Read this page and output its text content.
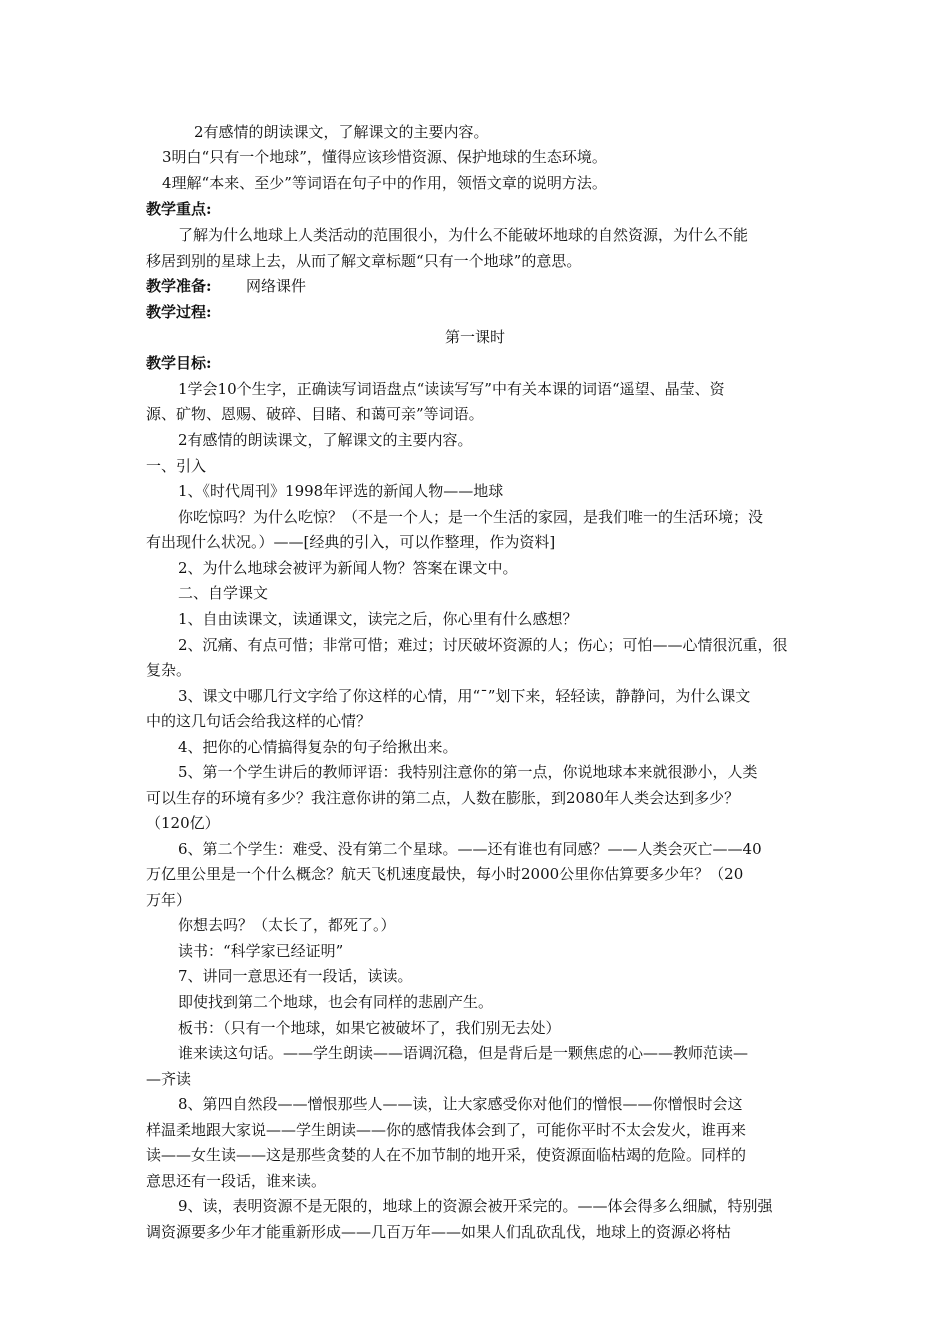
2有感情的朗读课文，了解课文的主要内容。
3明白“只有一个地球”，懂得应该珍惜资源、保护地球的生态环境。
4理解“本来、至少”等词语在句子中的作用，领悟文章的说明方法。
教学重点:
了解为什么地球上人类活动的范围很小，为什么不能破坏地球的自然资源，为什么不能
移居到别的星球上去，从而了解文章标题“只有一个地球”的意思。
教学准备: 网络课件
教学过程:
第一课时
教学目标:
1学会10个生字，正确读写词语盘点“读读写写”中有关本课的词语“遥望、晶莹、资
源、矿物、恩赐、破碎、目睹、和蔼可亲”等词语。
2有感情的朗读课文，了解课文的主要内容。
一、引入
1、《时代周刊》1998年评选的新闻人物——地球
你吃惊吗？为什么吃惊？（不是一个人；是一个生活的家园，是我们唯一的生活环境；没
有出现什么状况。）——[经典的引入，可以作整理，作为资料]
2、为什么地球会被评为新闻人物？答案在课文中。
二、自学课文
1、自由读课文，读通课文，读完之后，你心里有什么感想？
2、沉痛、有点可惜；非常可惜；难过；讨厌破坏资源的人；伤心；可怕——心情很沉重，很
复杂。
3、课文中哪几行文字给了你这样的心情，用“ˉ”划下来，轻轻读，静静问，为什么课文
中的这几句话会给我这样的心情？
4、把你的心情搞得复杂的句子给揪出来。
5、第一个学生讲后的教师评语：我特别注意你的第一点，你说地球本来就很渺小，人类
可以生存的环境有多少？我注意你讲的第二点，人数在膨胀，到2080年人类会达到多少？
（120亿）
6、第二个学生：难受、没有第二个星球。——还有谁也有同感？——人类会灭亡——40
万亿里公里是一个什么概念？航天飞机速度最快，每小时2000公里你估算要多少年？（20
万年）
你想去吗？（太长了，都死了。）
读书：“科学家已经证明”
7、讲同一意思还有一段话，读读。
即使找到第二个地球，也会有同样的悲剧产生。
板书：（只有一个地球，如果它被破坏了，我们别无去处）
谁来读这句话。——学生朗读——语调沉稳，但是背后是一颗焦虑的心——教师范读—
—齐读
8、第四自然段——憎恨那些人——读，让大家感受你对他们的憎恨——你憎恨时会这
样温柔地跟大家说——学生朗读——你的感情我体会到了，可能你平时不太会发火，谁再来
读——女生读——这是那些贪婪的人在不加节制的地开采，使资源面临枯竭的危险。同样的
意思还有一段话，谁来读。
9、读，表明资源不是无限的，地球上的资源会被开采完的。——体会得多么细腻，特别强
调资源要多少年才能重新形成——几百万年——如果人们乱砍乱伐，地球上的资源必将枯
